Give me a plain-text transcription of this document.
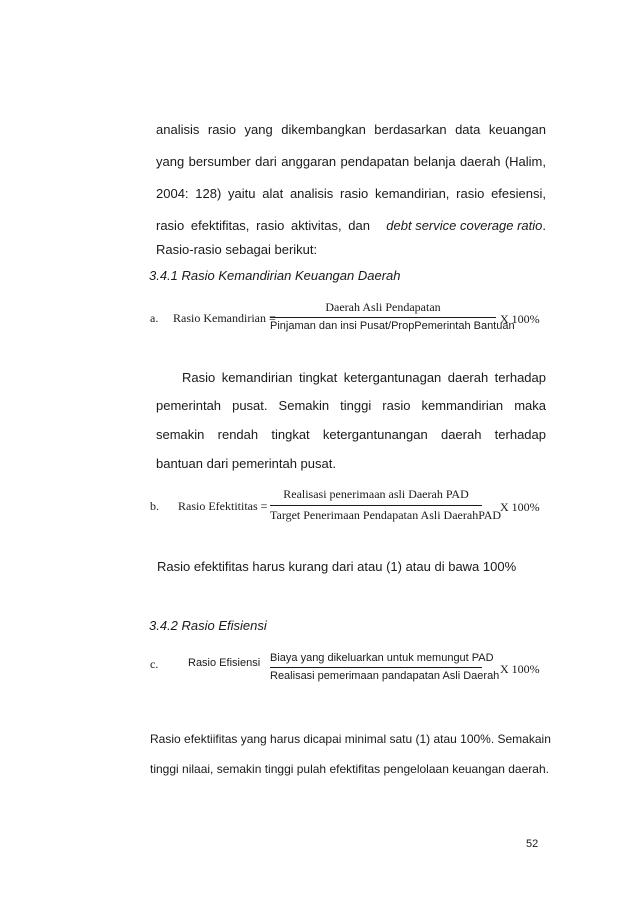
analisis rasio yang dikembangkan berdasarkan data keuangan
yang bersumber dari anggaran pendapatan belanja daerah (Halim,
2004: 128) yaitu alat analisis rasio kemandirian, rasio efesiensi,
rasio efektifitas, rasio aktivitas, dan debt service coverage ratio.
Rasio-rasio sebagai berikut:
3.4.1 Rasio Kemandirian Keuangan Daerah
a. Rasio Kemandirian =
Daerah Asli Pendapatan
Pinjaman dan insi Pusat/PropPemerintah Bantuan
X 100%
Rasio kemandirian tingkat ketergantunagan daerah terhadap
pemerintah pusat. Semakin tinggi rasio kemmandirian maka
semakin rendah tingkat ketergantunangan daerah terhadap
bantuan dari pemerintah pusat.
b. Rasio Efektititas =
Realisasi penerimaan asli Daerah PAD
Target Penerimaan Pendapatan Asli DaerahPAD
X 100%
Rasio efektifitas harus kurang dari atau (1) atau di bawa 100%
3.4.2 Rasio Efisiensi
c.	Rasio Efisiensi Biaya yang dikeluarkan untuk memungut PAD
Realisasi pemerimaan pandapatan Asli Daerah X 100%
Rasio efektiifitas yang harus dicapai minimal satu (1) atau 100%. Semakain
tinggi nilaai, semakin tinggi pulah efektifitas pengelolaan keuangan daerah.
52
